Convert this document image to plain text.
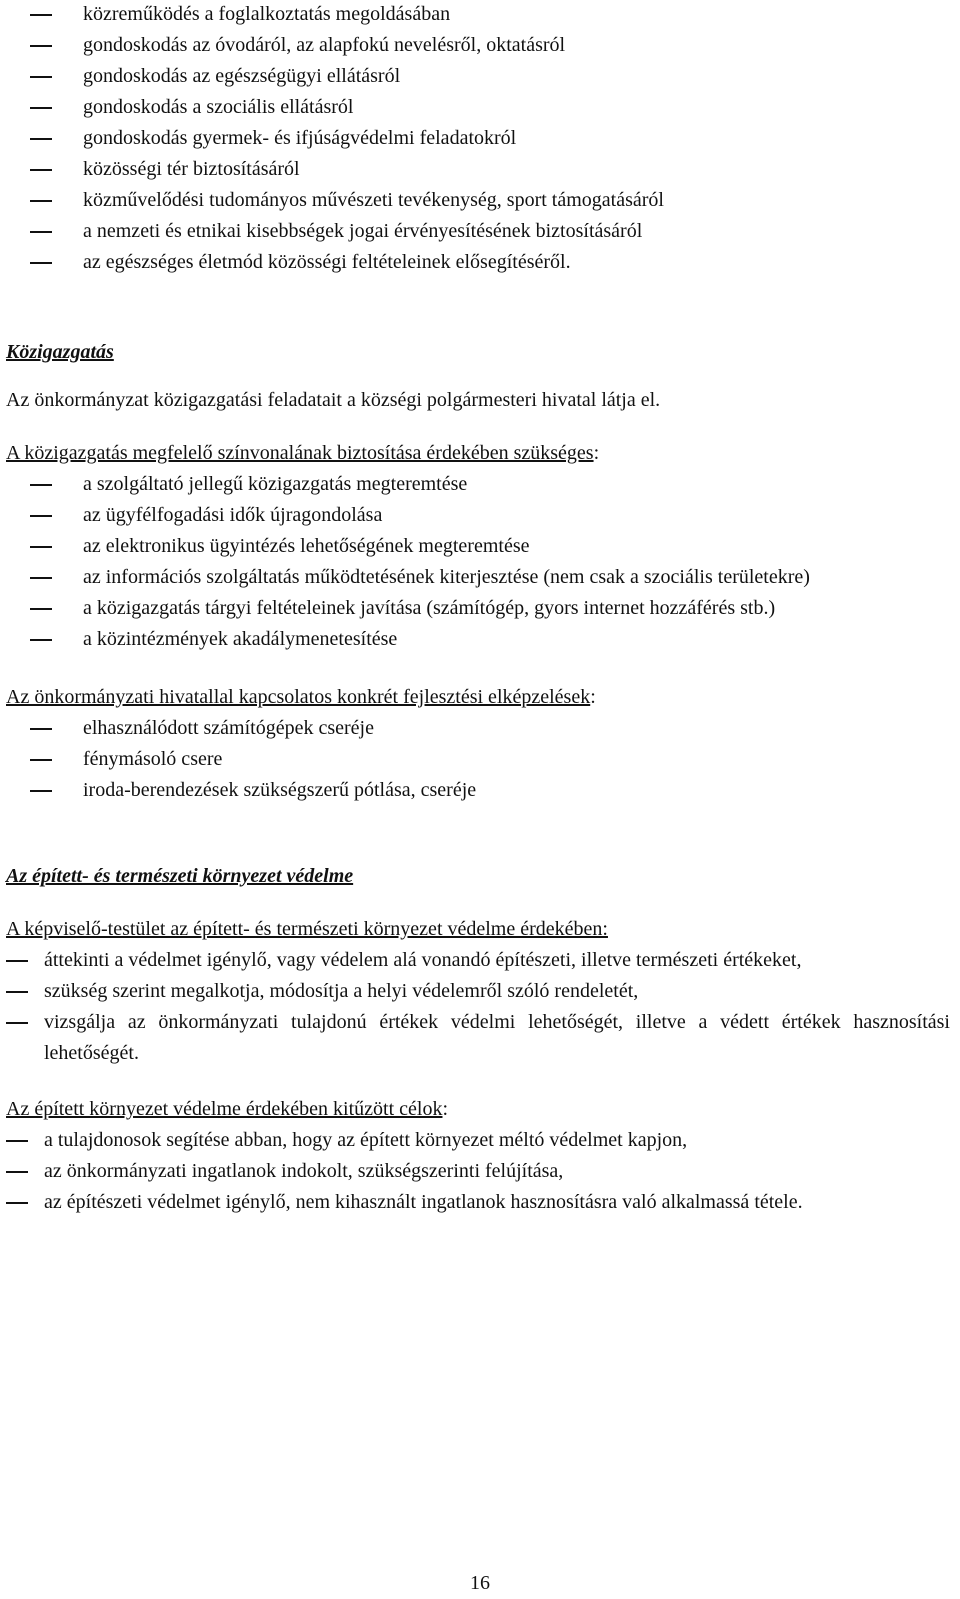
közreműködés a foglalkoztatás megoldásában
gondoskodás az óvodáról, az alapfokú nevelésről, oktatásról
gondoskodás az egészségügyi ellátásról
gondoskodás a szociális ellátásról
gondoskodás gyermek- és ifjúságvédelmi feladatokról
közösségi tér biztosításáról
közművelődési tudományos művészeti tevékenység, sport támogatásáról
a nemzeti és etnikai kisebbségek jogai érvényesítésének biztosításáról
az egészséges életmód közösségi feltételeinek elősegítéséről.

Közigazgatás

Az önkormányzat közigazgatási feladatait a községi polgármesteri hivatal látja el.

A közigazgatás megfelelő színvonalának biztosítása érdekében szükséges:

a szolgáltató jellegű közigazgatás megteremtése
az ügyfélfogadási idők újragondolása
az elektronikus ügyintézés lehetőségének megteremtése
az információs szolgáltatás működtetésének kiterjesztése (nem csak a szociális területekre)
a közigazgatás tárgyi feltételeinek javítása (számítógép, gyors internet hozzáférés stb.)
a közintézmények akadálymenetesítése

Az önkormányzati hivatallal kapcsolatos konkrét fejlesztési elképzelések:

elhasználódott számítógépek cseréje
fénymásoló csere
iroda-berendezések szükségszerű pótlása, cseréje

Az épített- és természeti környezet védelme

A képviselő-testület az épített- és természeti környezet védelme érdekében:

áttekinti a védelmet igénylő, vagy védelem alá vonandó építészeti, illetve természeti értékeket,
szükség szerint megalkotja, módosítja a helyi védelemről szóló rendeletét,
vizsgálja az önkormányzati tulajdonú értékek védelmi lehetőségét, illetve a védett értékek hasznosítási lehetőségét.

Az épített környezet védelme érdekében kitűzött célok:

a tulajdonosok segítése abban, hogy az épített környezet méltó védelmet kapjon,
az önkormányzati ingatlanok indokolt, szükségszerinti felújítása,
az építészeti védelmet igénylő, nem kihasznált ingatlanok hasznosításra való alkalmassá tétele.
16
